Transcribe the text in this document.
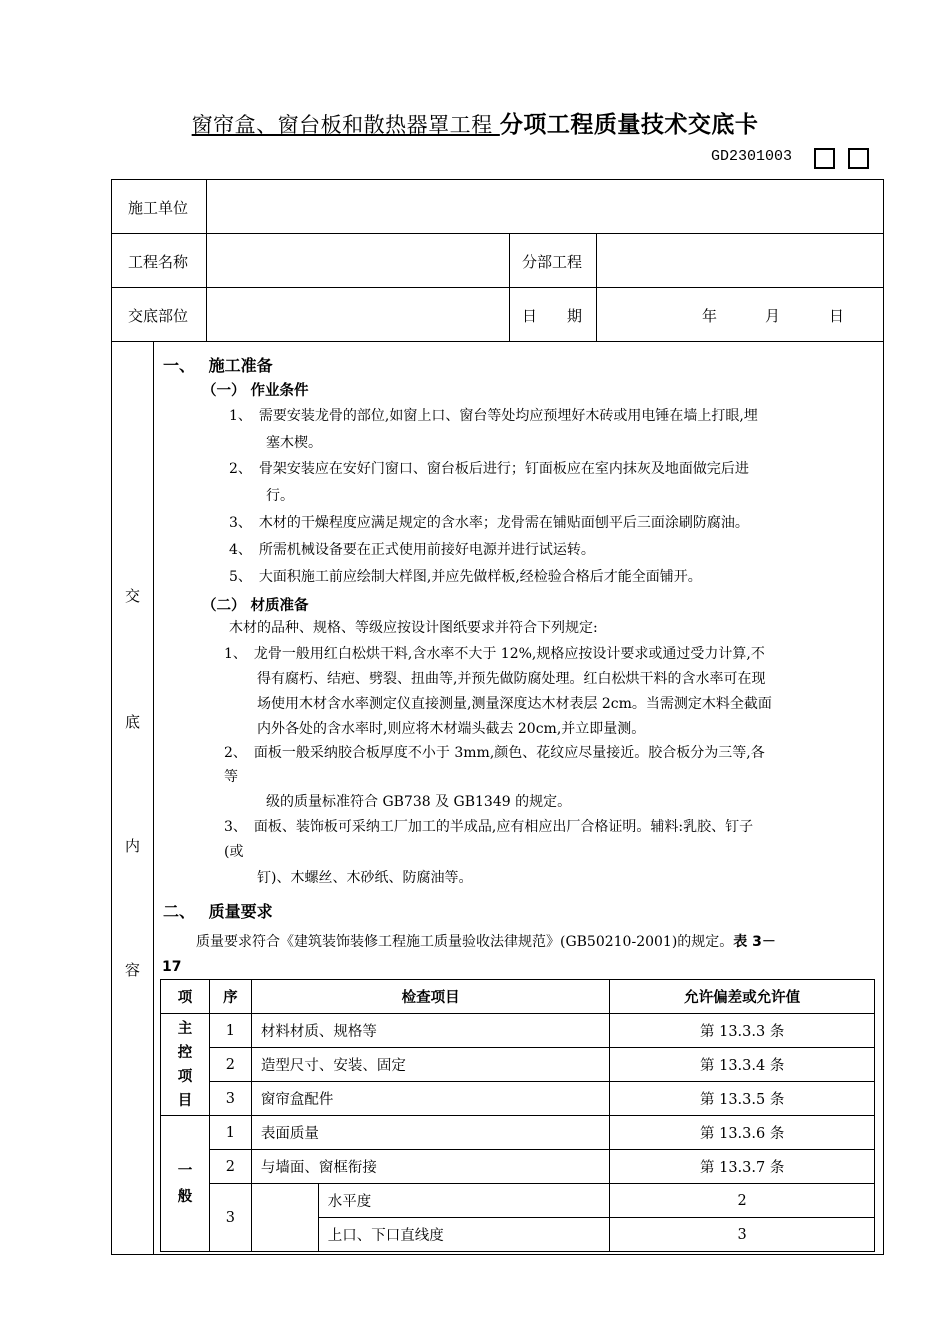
窗帘盒、窗台板和散热器罩工程 分项工程质量技术交底卡
GD2301003
施工单位
工程名称	分部工程
交底部位	日　　期	年	月	日
交
底
内
容
一、　 施工准备
（一） 作业条件
1、　需要安装龙骨的部位,如窗上口、窗台等处均应预埋好木砖或用电锤在墙上打眼,埋
塞木楔。
2、　骨架安装应在安好门窗口、窗台板后进行；钉面板应在室内抹灰及地面做完后进
行。
3、　木材的干燥程度应满足规定的含水率；龙骨需在铺贴面刨平后三面涂刷防腐油。
4、　所需机械设备要在正式使用前接好电源并进行试运转。
5、　大面积施工前应绘制大样图,并应先做样板,经检验合格后才能全面铺开。
（二） 材质准备
木材的品种、规格、等级应按设计图纸要求并符合下列规定:
1、　龙骨一般用红白松烘干料,含水率不大于 12%,规格应按设计要求或通过受力计算,不
得有腐朽、结疤、劈裂、扭曲等,并预先做防腐处理。红白松烘干料的含水率可在现
场使用木材含水率测定仪直接测量,测量深度达木材表层 2cm。当需测定木料全截面
内外各处的含水率时,则应将木材端头截去 20cm,并立即量测。
2、　面板一般采纳胶合板厚度不小于 3mm,颜色、花纹应尽量接近。胶合板分为三等,各
等
级的质量标准符合 GB738 及 GB1349 的规定。
3、　面板、装饰板可采纳工厂加工的半成品,应有相应出厂合格证明。辅料:乳胶、钉子
(或
钉)、木螺丝、木砂纸、防腐油等。
二、　 质量要求
质量要求符合《建筑装饰装修工程施工质量验收法律规范》(GB50210-2001)的规定。表 3－
17
项	序	检查项目		允许偏差或允许值

主
控
项
目	1	材料材质、规格等		第 13.3.3 条
	2	造型尺寸、安装、固定		第 13.3.4 条
	3	窗帘盒配件		第 13.3.5 条

一
般	1	表面质量		第 13.3.6 条
	2	与墙面、窗框衔接		第 13.3.7 条
	3		水平度	2
			上口、下口直线度	3
